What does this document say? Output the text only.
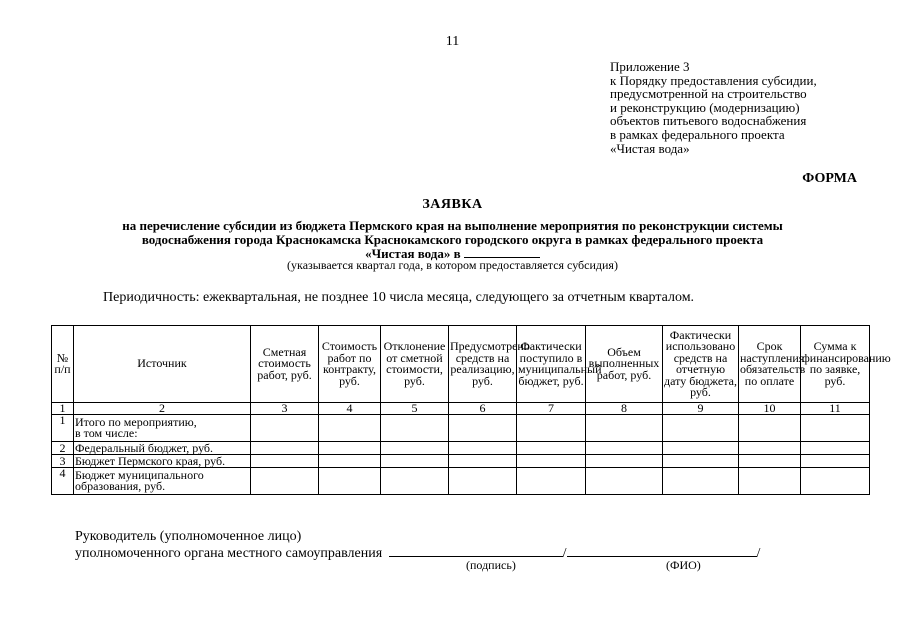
11
Приложение 3
к Порядку предоставления субсидии,
предусмотренной на строительство
и реконструкцию (модернизацию)
объектов питьевого водоснабжения
в рамках федерального проекта
«Чистая вода»
ФОРМА
ЗАЯВКА
на перечисление субсидии из бюджета Пермского края на выполнение мероприятия по реконструкции системы
водоснабжения города Краснокамска Краснокамского городского округа в рамках федерального проекта
«Чистая вода» в
(указывается квартал года, в котором предоставляется субсидия)
Периодичность: ежеквартальная, не позднее 10 числа месяца, следующего за отчетным кварталом.
№ п/п	Источник	Сметная стоимость работ, руб.	Стоимость работ по контракту, руб.	Отклонение от сметной стоимости, руб.	Предусмотрено средств на реализацию, руб.	Фактически поступило в муниципальный бюджет, руб.	Объем выполненных работ, руб.	Фактически использовано средств на отчетную дату бюджета, руб.	Срок наступления обязательств по оплате	Сумма к финансированию по заявке, руб.
1	2	3	4	5	6	7	8	9	10	11
1	Итого по мероприятию,
в том числе:									

2	Федеральный бюджет, руб.									
3	Бюджет Пермского края, руб.									
4	Бюджет муниципального
образования, руб.									

Руководитель (уполномоченное лицо)
уполномоченного органа местного самоуправления	/	/
(подпись)	(ФИО)
